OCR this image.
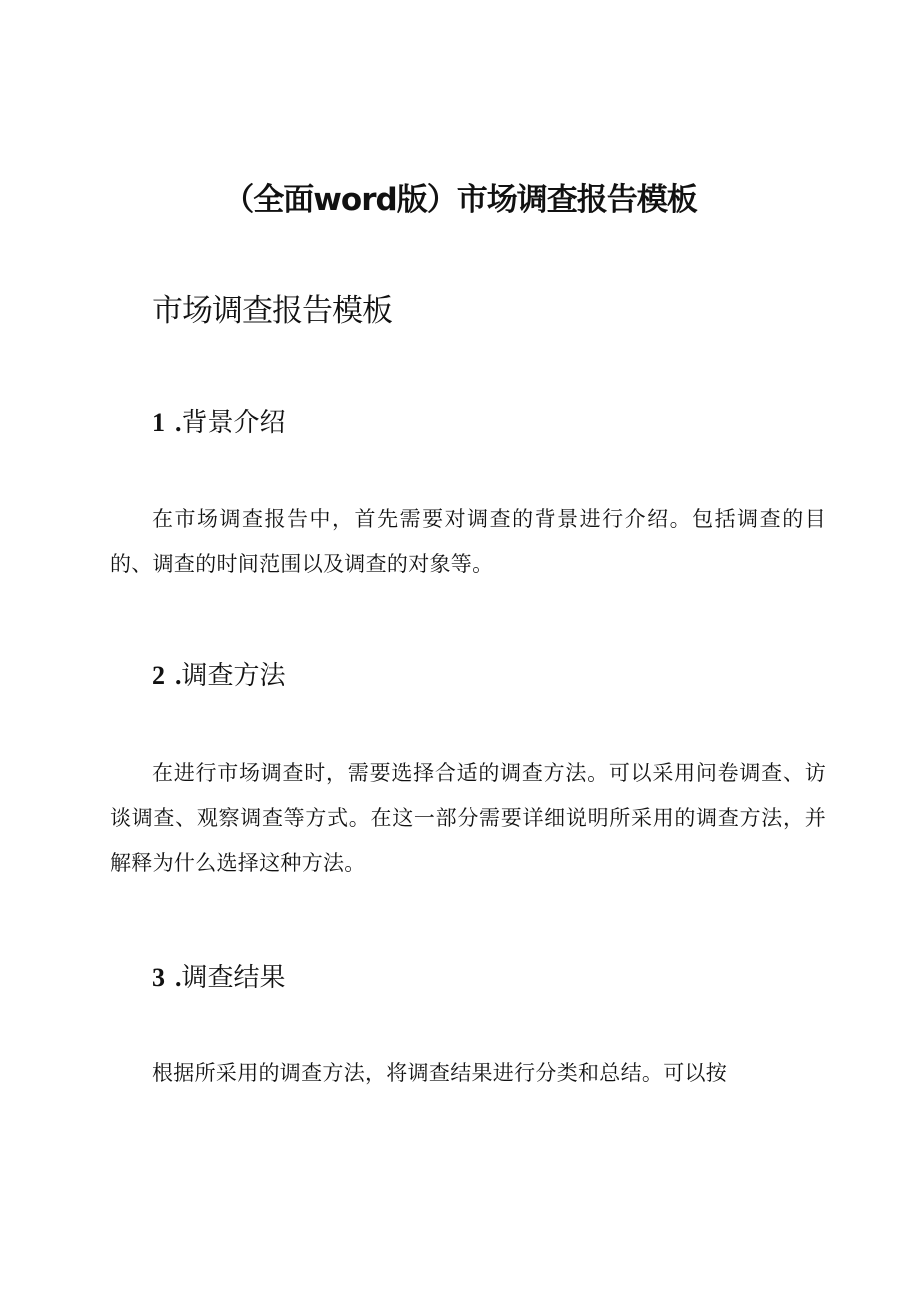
（全面word版）市场调查报告模板
市场调查报告模板
1 .背景介绍

在市场调查报告中，首先需要对调查的背景进行介绍。包括调查的目的、调查的时间范围以及调查的对象等。

2 .调查方法

在进行市场调查时，需要选择合适的调查方法。可以采用问卷调查、访谈调查、观察调查等方式。在这一部分需要详细说明所采用的调查方法，并解释为什么选择这种方法。

3 .调查结果

根据所采用的调查方法，将调查结果进行分类和总结。可以按
